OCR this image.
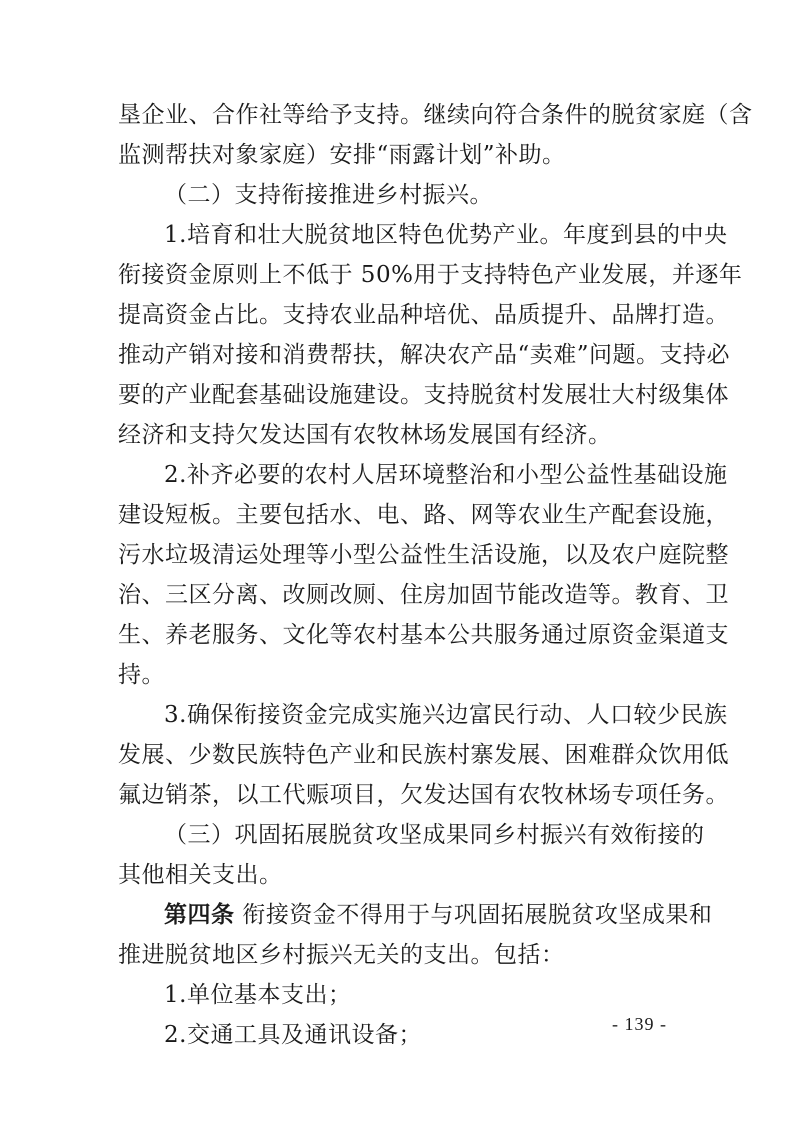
垦企业、合作社等给予支持。继续向符合条件的脱贫家庭（含
监测帮扶对象家庭）安排“雨露计划”补助。
（二）支持衔接推进乡村振兴。
1.培育和壮大脱贫地区特色优势产业。年度到县的中央
衔接资金原则上不低于 50%用于支持特色产业发展，并逐年
提高资金占比。支持农业品种培优、品质提升、品牌打造。
推动产销对接和消费帮扶，解决农产品“卖难”问题。支持必
要的产业配套基础设施建设。支持脱贫村发展壮大村级集体
经济和支持欠发达国有农牧林场发展国有经济。
2.补齐必要的农村人居环境整治和小型公益性基础设施
建设短板。主要包括水、电、路、网等农业生产配套设施，
污水垃圾清运处理等小型公益性生活设施，以及农户庭院整
治、三区分离、改厕改厕、住房加固节能改造等。教育、卫
生、养老服务、文化等农村基本公共服务通过原资金渠道支
持。
3.确保衔接资金完成实施兴边富民行动、人口较少民族
发展、少数民族特色产业和民族村寨发展、困难群众饮用低
氟边销茶，以工代赈项目，欠发达国有农牧林场专项任务。
（三）巩固拓展脱贫攻坚成果同乡村振兴有效衔接的
其他相关支出。
第四条 衔接资金不得用于与巩固拓展脱贫攻坚成果和
推进脱贫地区乡村振兴无关的支出。包括：
1.单位基本支出；
2.交通工具及通讯设备；	- 139 -
